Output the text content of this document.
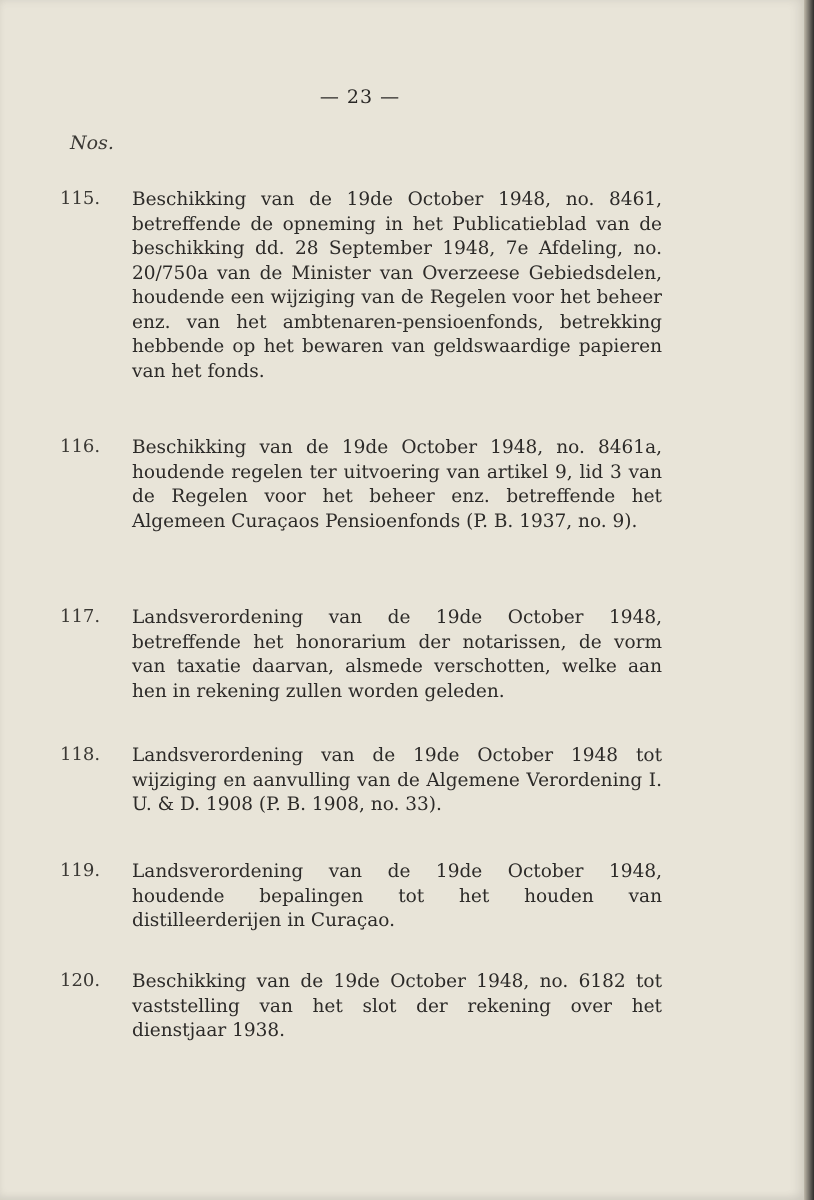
— 23 —
Nos.
115.	Beschikking van de 19de October 1948, no. 8461, betreffende de opneming in het Publicatieblad van de beschikking dd. 28 September 1948, 7e Afdeling, no. 20/750a van de Minister van Overzeese Gebiedsdelen, houdende een wijziging van de Regelen voor het beheer enz. van het ambtenaren-pensioenfonds, betrekking hebbende op het bewaren van geldswaardige papieren van het fonds.
116.	Beschikking van de 19de October 1948, no. 8461a, houdende regelen ter uitvoering van artikel 9, lid 3 van de Regelen voor het beheer enz. betreffende het Algemeen Curaçaos Pensioenfonds (P. B. 1937, no. 9).
117.	Landsverordening van de 19de October 1948, betreffende het honorarium der notarissen, de vorm van taxatie daarvan, alsmede verschotten, welke aan hen in rekening zullen worden geleden.
118.	Landsverordening van de 19de October 1948 tot wijziging en aanvulling van de Algemene Verordening I. U. & D. 1908 (P. B. 1908, no. 33).
119.	Landsverordening van de 19de October 1948, houdende bepalingen tot het houden van distilleerderijen in Curaçao.
120.	Beschikking van de 19de October 1948, no. 6182 tot vaststelling van het slot der rekening over het dienstjaar 1938.
